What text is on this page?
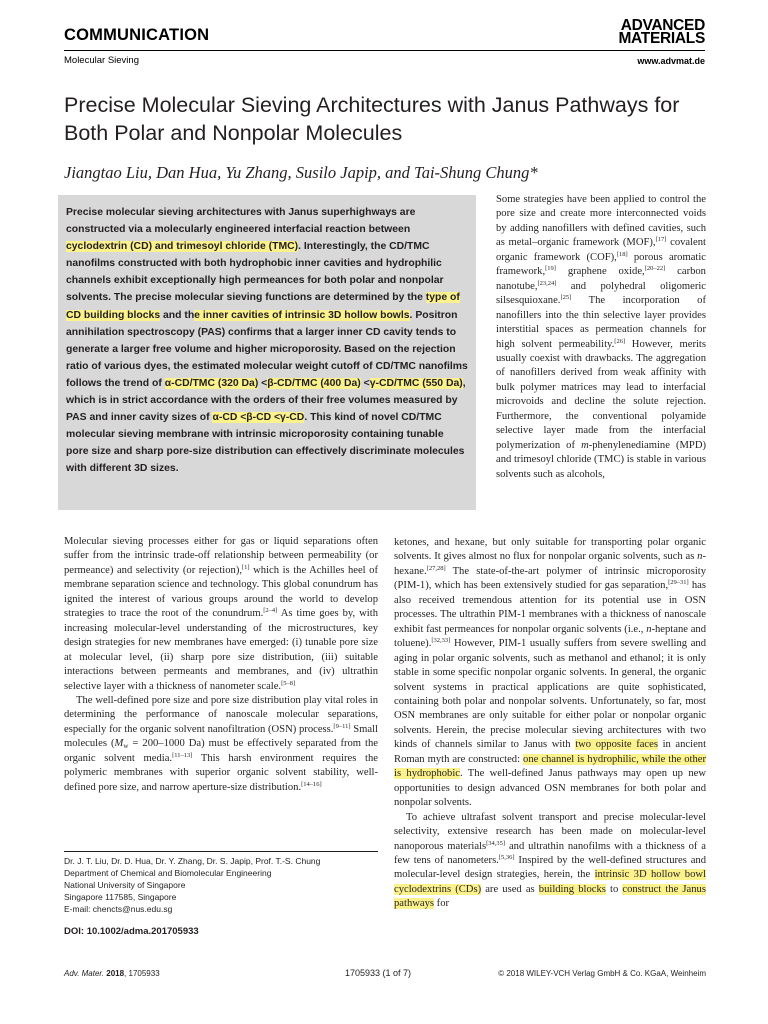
COMMUNICATION
Molecular Sieving
ADVANCED
MATERIALS
www.advmat.de
Precise Molecular Sieving Architectures with Janus Pathways for Both Polar and Nonpolar Molecules
Jiangtao Liu, Dan Hua, Yu Zhang, Susilo Japip, and Tai-Shung Chung*
Precise molecular sieving architectures with Janus superhighways are constructed via a molecularly engineered interfacial reaction between cyclodextrin (CD) and trimesoyl chloride (TMC). Interestingly, the CD/TMC nanofilms constructed with both hydrophobic inner cavities and hydrophilic channels exhibit exceptionally high permeances for both polar and nonpolar solvents. The precise molecular sieving functions are determined by the type of CD building blocks and the inner cavities of intrinsic 3D hollow bowls. Positron annihilation spectroscopy (PAS) confirms that a larger inner CD cavity tends to generate a larger free volume and higher microporosity. Based on the rejection ratio of various dyes, the estimated molecular weight cutoff of CD/TMC nanofilms follows the trend of α-CD/TMC (320 Da) <β-CD/TMC (400 Da) <γ-CD/TMC (550 Da), which is in strict accordance with the orders of their free volumes measured by PAS and inner cavity sizes of α-CD <β-CD <γ-CD. This kind of novel CD/TMC molecular sieving membrane with intrinsic microporosity containing tunable pore size and sharp pore-size distribution can effectively discriminate molecules with different 3D sizes.
Some strategies have been applied to control the pore size and create more interconnected voids by adding nanofillers with defined cavities, such as metal–organic framework (MOF),[17] covalent organic framework (COF),[18] porous aromatic framework,[19] graphene oxide,[20–22] carbon nanotube,[23,24] and polyhedral oligomeric silsesquioxane.[25] The incorporation of nanofillers into the thin selective layer provides interstitial spaces as permeation channels for high solvent permeability.[26] However, merits usually coexist with drawbacks. The aggregation of nanofillers derived from weak affinity with bulk polymer matrices may lead to interfacial microvoids and decline the solute rejection. Furthermore, the conventional polyamide selective layer made from the interfacial polymerization of m-phenylenediamine (MPD) and trimesoyl chloride (TMC) is stable in various solvents such as alcohols,

Molecular sieving processes either for gas or liquid separations often suffer from the intrinsic trade-off relationship between permeability (or permeance) and selectivity (or rejection),[1] which is the Achilles heel of membrane separation science and technology. This global conundrum has ignited the interest of various groups around the world to develop strategies to trace the root of the conundrum.[2–4] As time goes by, with increasing molecular-level understanding of the microstructures, key design strategies for new membranes have emerged: (i) tunable pore size at molecular level, (ii) sharp pore size distribution, (iii) suitable interactions between permeants and membranes, and (iv) ultrathin selective layer with a thickness of nanometer scale.[5–8]

The well-defined pore size and pore size distribution play vital roles in determining the performance of nanoscale molecular separations, especially for the organic solvent nanofiltration (OSN) process.[9–11] Small molecules ($M_w = 200-1000$ Da) must be effectively separated from the organic solvent media.[11–13] This harsh environment requires the polymeric membranes with superior organic solvent stability, well-defined pore size, and narrow aperture-size distribution.[14–16]

ketones, and hexane, but only suitable for transporting polar organic solvents. It gives almost no flux for nonpolar organic solvents, such as n-hexane.[27,28] The state-of-the-art polymer of intrinsic microporosity (PIM-1), which has been extensively studied for gas separation,[29–31] has also received tremendous attention for its potential use in OSN processes. The ultrathin PIM-1 membranes with a thickness of nanoscale exhibit fast permeances for nonpolar organic solvents (i.e., n-heptane and toluene).[32,33] However, PIM-1 usually suffers from severe swelling and aging in polar organic solvents, such as methanol and ethanol; it is only stable in some specific nonpolar organic solvents. In general, the organic solvent systems in practical applications are quite sophisticated, containing both polar and nonpolar solvents. Unfortunately, so far, most OSN membranes are only suitable for either polar or nonpolar organic solvents. Herein, the precise molecular sieving architectures with two kinds of channels similar to Janus with two opposite faces in ancient Roman myth are constructed: one channel is hydrophilic, while the other is hydrophobic. The well-defined Janus pathways may open up new opportunities to design advanced OSN membranes for both polar and nonpolar solvents.

To achieve ultrafast solvent transport and precise molecular-level selectivity, extensive research has been made on molecular-level nanoporous materials[34,35] and ultrathin nanofilms with a thickness of a few tens of nanometers.[5,36] Inspired by the well-defined structures and molecular-level design strategies, herein, the intrinsic 3D hollow bowl cyclodextrins (CDs) are used as building blocks to construct the Janus pathways for

Dr. J. T. Liu, Dr. D. Hua, Dr. Y. Zhang, Dr. S. Japip, Prof. T.-S. Chung
Department of Chemical and Biomolecular Engineering
National University of Singapore
Singapore 117585, Singapore
E-mail: chencts@nus.edu.sg
DOI: 10.1002/adma.201705933
Adv. Mater. 2018, 1705933	1705933 (1 of 7)	© 2018 WILEY-VCH Verlag GmbH & Co. KGaA, Weinheim
